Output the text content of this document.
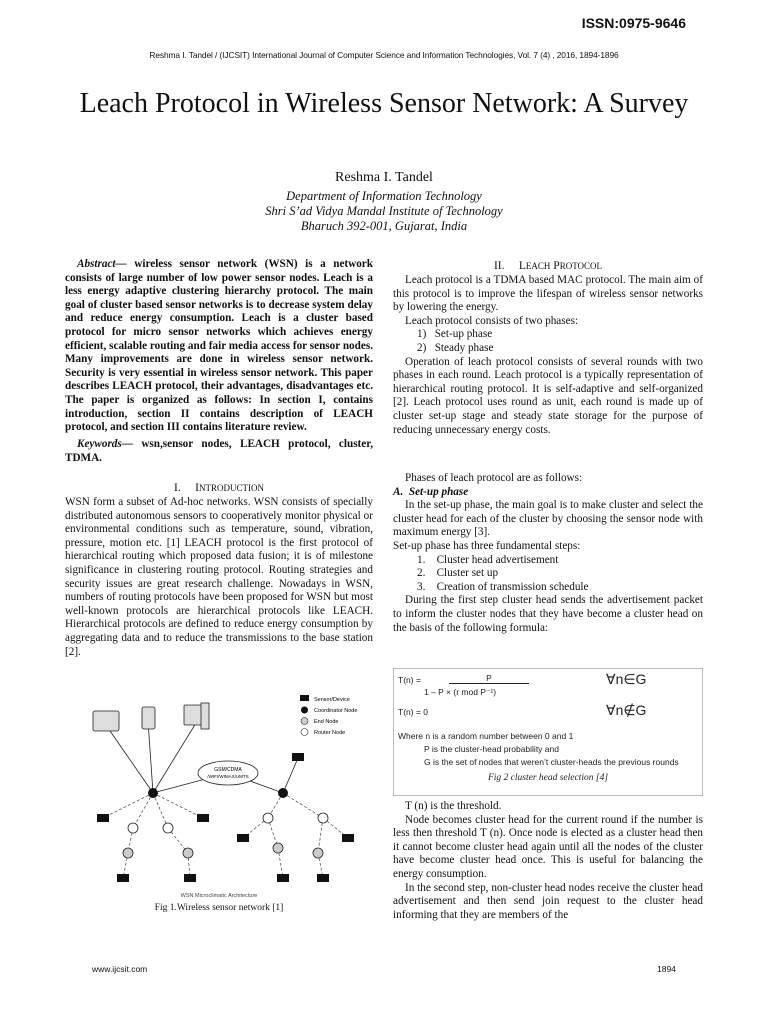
ISSN:0975-9646
Reshma I. Tandel / (IJCSIT) International Journal of Computer Science and Information Technologies, Vol. 7 (4) , 2016, 1894-1896
Leach Protocol in Wireless Sensor Network: A Survey
Reshma I. Tandel
Department of Information Technology
Shri S’ad Vidya Mandal Institute of Technology
Bharuch 392-001, Gujarat, India

Abstract— wireless sensor network (WSN) is a network consists of large number of low power sensor nodes. Leach is a less energy adaptive clustering hierarchy protocol. The main goal of cluster based sensor networks is to decrease system delay and reduce energy consumption. Leach is a cluster based protocol for micro sensor networks which achieves energy efficient, scalable routing and fair media access for sensor nodes. Many improvements are done in wireless sensor network. Security is very essential in wireless sensor network. This paper describes LEACH protocol, their advantages, disadvantages etc. The paper is organized as follows: In section I, contains introduction, section II contains description of LEACH protocol, and section III contains literature review.

Keywords— wsn,sensor nodes, LEACH protocol, cluster, TDMA.

I. INTRODUCTION

WSN form a subset of Ad-hoc networks. WSN consists of specially distributed autonomous sensors to cooperatively monitor physical or environmental conditions such as temperature, sound, vibration, pressure, motion etc. [1] LEACH protocol is the first protocol of hierarchical routing which proposed data fusion; it is of milestone significance in clustering routing protocol. Routing strategies and security issues are great research challenge. Nowadays in WSN, numbers of routing protocols have been proposed for WSN but most well-known protocols are hierarchical protocols like LEACH. Hierarchical protocols are defined to reduce energy consumption by aggregating data and to reduce the transmissions to the base station [2].

GSM/CDMA
/WIFI/WIMAX/UMTS
Sensor/Device
Coordinator Node
End Node
Router Node
WSN Microclimatic Architecture
Fig 1.Wireless sensor network [1]
II. LEACH PROTOCOL

Leach protocol is a TDMA based MAC protocol. The main aim of this protocol is to improve the lifespan of wireless sensor networks by lowering the energy.

Leach protocol consists of two phases:

1)   Set-up phase

2)   Steady phase

Operation of leach protocol consists of several rounds with two phases in each round. Leach protocol is a typically representation of hierarchical routing protocol. It is self-adaptive and self-organized [2]. Leach protocol uses round as unit, each round is made up of cluster set-up stage and steady state storage for the purpose of reducing unnecessary energy costs.

Phases of leach protocol are as follows:

A.  Set-up phase

In the set-up phase, the main goal is to make cluster and select the cluster head for each of the cluster by choosing the sensor node with maximum energy [3].

Set-up phase has three fundamental steps:

1.    Cluster head advertisement

2.    Cluster set up

3.    Creation of transmission schedule

During the first step cluster head sends the advertisement packet to inform the cluster nodes that they have become a cluster head on the basis of the following formula:

T(n) =	P
1 – P × (r mod P⁻¹)
∀n∈G
T(n) = 0	∀n∉G
Where n is a random number between 0 and 1
P is the cluster-head probability and
G is the set of nodes that weren’t cluster-heads the previous rounds
Fig 2 cluster head selection [4]

T (n) is the threshold.

Node becomes cluster head for the current round if the number is less then threshold T (n). Once node is elected as a cluster head then it cannot become cluster head again until all the nodes of the cluster have become cluster head once. This is useful for balancing the energy consumption.

In the second step, non-cluster head nodes receive the cluster head advertisement and then send join request to the cluster head informing that they are members of the

www.ijcsit.com	1894
